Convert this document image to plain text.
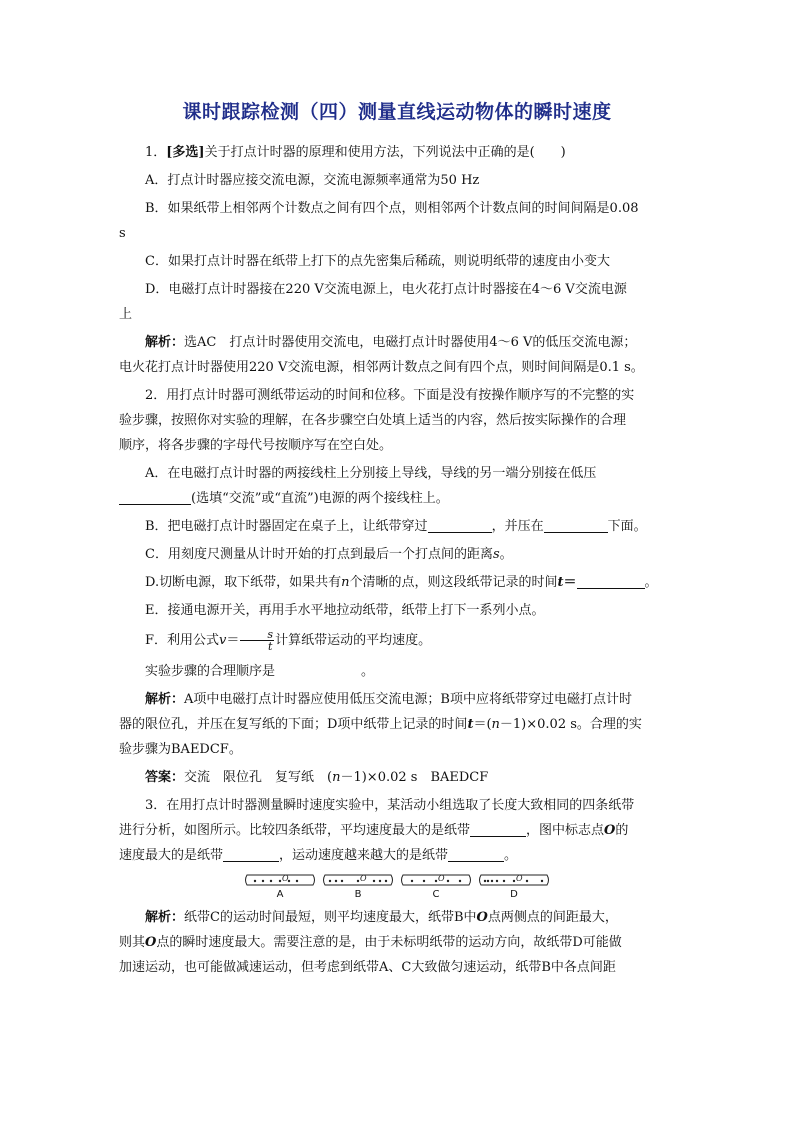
课时跟踪检测（四）测量直线运动物体的瞬时速度

1．[多选]关于打点计时器的原理和使用方法，下列说法中正确的是(　　)

A．打点计时器应接交流电源，交流电源频率通常为50 Hz

B．如果纸带上相邻两个计数点之间有四个点，则相邻两个计数点间的时间间隔是0.08

s

C．如果打点计时器在纸带上打下的点先密集后稀疏，则说明纸带的速度由小变大

D．电磁打点计时器接在220 V交流电源上，电火花打点计时器接在4～6 V交流电源

上

解析：选AC　打点计时器使用交流电，电磁打点计时器使用4～6 V的低压交流电源；

电火花打点计时器使用220 V交流电源，相邻两计数点之间有四个点，则时间间隔是0.1 s。

2．用打点计时器可测纸带运动的时间和位移。下面是没有按操作顺序写的不完整的实

验步骤，按照你对实验的理解，在各步骤空白处填上适当的内容，然后按实际操作的合理

顺序，将各步骤的字母代号按顺序写在空白处。

A．在电磁打点计时器的两接线柱上分别接上导线，导线的另一端分别接在低压

(选填“交流”或“直流”)电源的两个接线柱上。

B．把电磁打点计时器固定在桌子上，让纸带穿过	，并压在	下面。

C．用刻度尺测量从计时开始的打点到最后一个打点间的距离s。

D.切断电源，取下纸带，如果共有n个清晰的点，则这段纸带记录的时间t＝	。

E．接通电源开关，再用手水平地拉动纸带，纸带上打下一系列小点。

F．利用公式$v= \frac{s}{t}$ 计算纸带运动的平均速度。

实验步骤的合理顺序是	。

解析：A项中电磁打点计时器应使用低压交流电源；B项中应将纸带穿过电磁打点计时

器的限位孔，并压在复写纸的下面；D项中纸带上记录的时间t＝(n－1)×0.02 s。合理的实

验步骤为BAEDCF。

答案：交流　限位孔　复写纸　(n－1)×0.02 s　BAEDCF

3．在用打点计时器测量瞬时速度实验中，某活动小组选取了长度大致相同的四条纸带

进行分析，如图所示。比较四条纸带，平均速度最大的是纸带	，图中标志点O的

速度最大的是纸带	，运动速度越来越大的是纸带	。

O
A
O
B
O
C
O
D

解析：纸带C的运动时间最短，则平均速度最大，纸带B中O点两侧点的间距最大，

则其O点的瞬时速度最大。需要注意的是，由于未标明纸带的运动方向，故纸带D可能做

加速运动，也可能做减速运动，但考虑到纸带A、C大致做匀速运动，纸带B中各点间距
